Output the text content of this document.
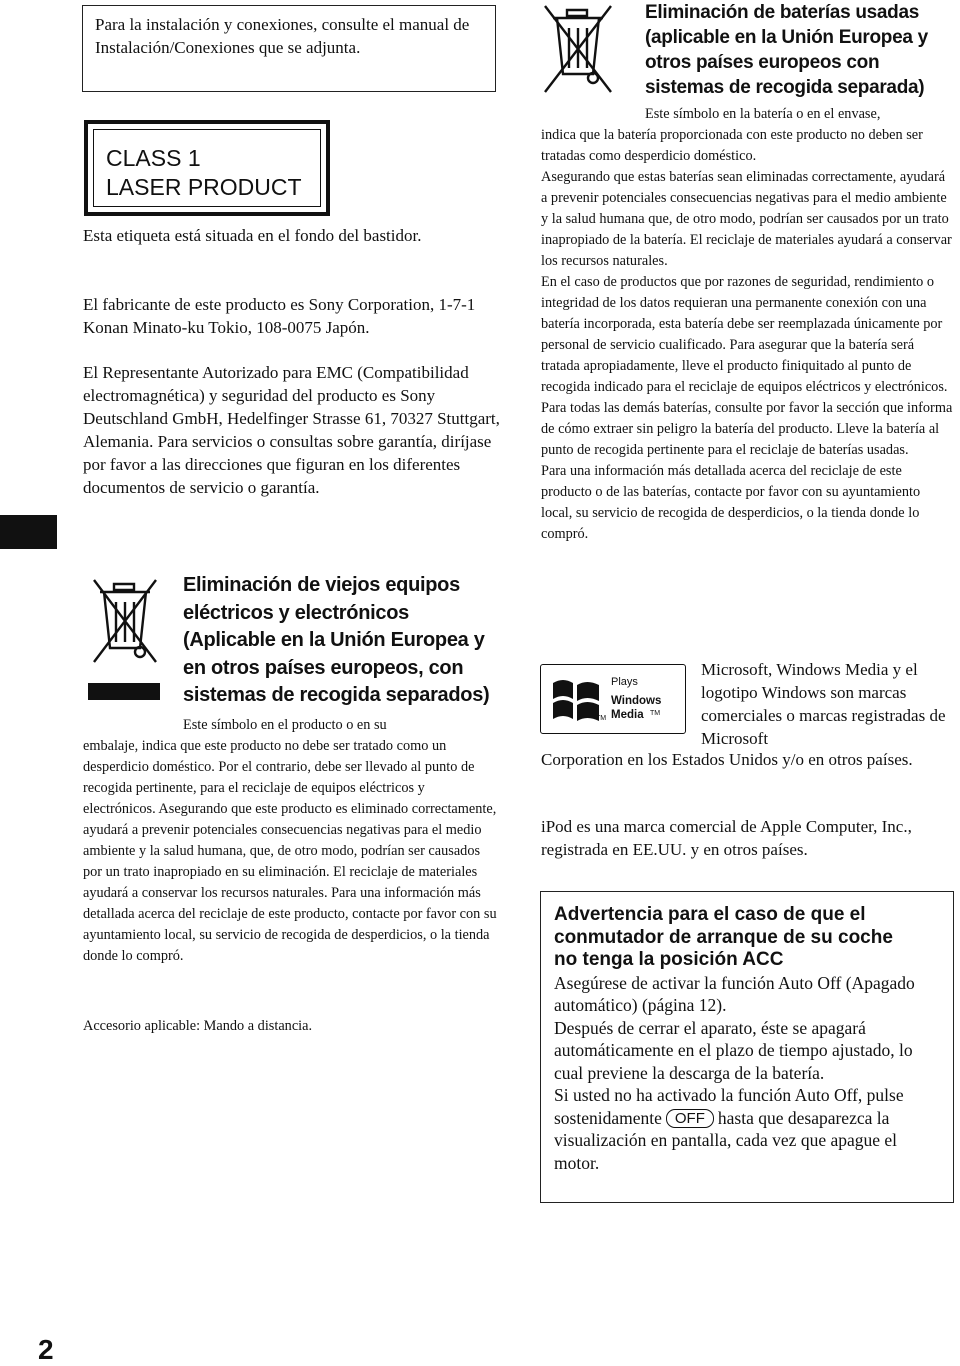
Para la instalación y conexiones, consulte el manual de Instalación/Conexiones que se adjunta.

CLASS 1
LASER PRODUCT

Esta etiqueta está situada en el fondo del bastidor.

El fabricante de este producto es Sony Corporation, 1-7-1 Konan Minato-ku Tokio, 108-0075 Japón.

El Representante Autorizado para EMC (Compatibilidad electromagnética) y seguridad del producto es Sony Deutschland GmbH, Hedelfinger Strasse 61, 70327 Stuttgart, Alemania. Para servicios o consultas sobre garantía, diríjase por favor a las direcciones que figuran en los diferentes documentos de servicio o garantía.

Eliminación de viejos equipos
eléctricos y electrónicos
(Aplicable en la Unión Europea y
en otros países europeos, con
sistemas de recogida separados)

Este símbolo en el producto o en su

embalaje, indica que este producto no debe ser tratado como un desperdicio doméstico. Por el contrario, debe ser llevado al punto de recogida pertinente, para el reciclaje de equipos eléctricos y electrónicos. Asegurando que este producto es eliminado correctamente, ayudará a prevenir potenciales consecuencias negativas para el medio ambiente y la salud humana, que, de otro modo, podrían ser causados por un trato inapropiado en su eliminación. El reciclaje de materiales ayudará a conservar los recursos naturales. Para una información más detallada acerca del reciclaje de este producto, contacte por favor con su ayuntamiento local, su servicio de recogida de desperdicios, o la tienda donde lo compró.

Accesorio aplicable: Mando a distancia.

2
Eliminación de baterías usadas
(aplicable en la Unión Europea y
otros países europeos con
sistemas de recogida separada)

Este símbolo en la batería o en el envase,

indica que la batería proporcionada con este producto no deben ser tratadas como desperdicio doméstico.

Asegurando que estas baterías sean eliminadas correctamente, ayudará a prevenir potenciales consecuencias negativas para el medio ambiente y la salud humana que, de otro modo, podrían ser causados por un trato inapropiado de la batería. El reciclaje de materiales ayudará a conservar los recursos naturales.

En el caso de productos que por razones de seguridad, rendimiento o integridad de los datos requieran una permanente conexión con una batería incorporada, esta batería debe ser reemplazada únicamente por personal de servicio cualificado. Para asegurar que la batería será tratada apropiadamente, lleve el producto finiquitado al punto de recogida indicado para el reciclaje de equipos eléctricos y electrónicos.

Para todas las demás baterías, consulte por favor la sección que informa de cómo extraer sin peligro la batería del producto. Lleve la batería al punto de recogida pertinente para el reciclaje de baterías usadas.

Para una información más detallada acerca del reciclaje de este producto o de las baterías, contacte por favor con su ayuntamiento local, su servicio de recogida de desperdicios, o la tienda donde lo compró.

Plays
Windows
Media TM
TM

Microsoft, Windows Media y el logotipo Windows son marcas comerciales o marcas registradas de Microsoft

Corporation en los Estados Unidos y/o en otros países.

iPod es una marca comercial de Apple Computer, Inc., registrada en EE.UU. y en otros países.

Advertencia para el caso de que el
conmutador de arranque de su coche
no tenga la posición ACC

Asegúrese de activar la función Auto Off (Apagado automático) (página 12).

Después de cerrar el aparato, éste se apagará automáticamente en el plazo de tiempo ajustado, lo cual previene la descarga de la batería.

Si usted no ha activado la función Auto Off, pulse sostenidamente OFF hasta que desaparezca la visualización en pantalla, cada vez que apague el motor.
